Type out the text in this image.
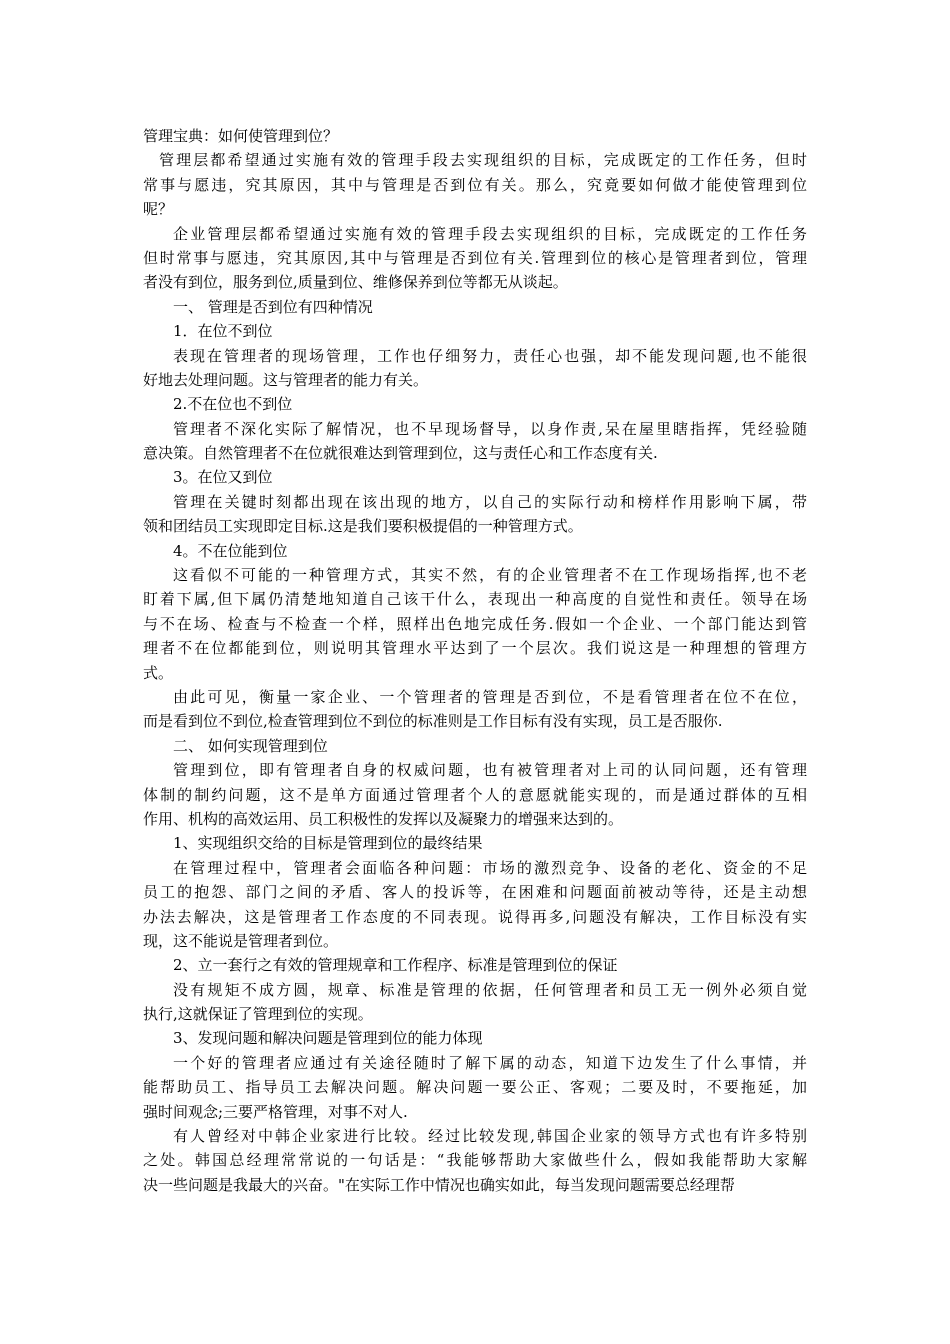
管理宝典：如何使管理到位？
管理层都希望通过实施有效的管理手段去实现组织的目标，完成既定的工作任务，但时
常事与愿违，究其原因，其中与管理是否到位有关。那么，究竟要如何做才能使管理到位
呢？
企业管理层都希望通过实施有效的管理手段去实现组织的目标，完成既定的工作任务
但时常事与愿违，究其原因,其中与管理是否到位有关.管理到位的核心是管理者到位，管理
者没有到位，服务到位,质量到位、维修保养到位等都无从谈起。
一、 管理是否到位有四种情况
1．在位不到位
表现在管理者的现场管理，工作也仔细努力，责任心也强，却不能发现问题,也不能很
好地去处理问题。这与管理者的能力有关。
2.不在位也不到位
管理者不深化实际了解情况，也不早现场督导，以身作责,呆在屋里瞎指挥，凭经验随
意决策。自然管理者不在位就很难达到管理到位，这与责任心和工作态度有关.
3。在位又到位
管理在关键时刻都出现在该出现的地方，以自己的实际行动和榜样作用影响下属，带
领和团结员工实现即定目标.这是我们要积极提倡的一种管理方式。
4。不在位能到位
这看似不可能的一种管理方式，其实不然，有的企业管理者不在工作现场指挥,也不老
盯着下属,但下属仍清楚地知道自己该干什么，表现出一种高度的自觉性和责任。领导在场
与不在场、检查与不检查一个样，照样出色地完成任务.假如一个企业、一个部门能达到管
理者不在位都能到位，则说明其管理水平达到了一个层次。我们说这是一种理想的管理方
式。
由此可见，衡量一家企业、一个管理者的管理是否到位，不是看管理者在位不在位，
而是看到位不到位,检查管理到位不到位的标准则是工作目标有没有实现，员工是否服你.
二、 如何实现管理到位
管理到位，即有管理者自身的权威问题，也有被管理者对上司的认同问题，还有管理
体制的制约问题，这不是单方面通过管理者个人的意愿就能实现的，而是通过群体的互相
作用、机构的高效运用、员工积极性的发挥以及凝聚力的增强来达到的。
1、实现组织交给的目标是管理到位的最终结果
在管理过程中，管理者会面临各种问题：市场的激烈竞争、设备的老化、资金的不足
员工的抱怨、部门之间的矛盾、客人的投诉等，在困难和问题面前被动等待，还是主动想
办法去解决，这是管理者工作态度的不同表现。说得再多,问题没有解决，工作目标没有实
现，这不能说是管理者到位。
2、立一套行之有效的管理规章和工作程序、标准是管理到位的保证
没有规矩不成方圆，规章、标准是管理的依据，任何管理者和员工无一例外必须自觉
执行,这就保证了管理到位的实现。
3、发现问题和解决问题是管理到位的能力体现
一个好的管理者应通过有关途径随时了解下属的动态，知道下边发生了什么事情，并
能帮助员工、指导员工去解决问题。解决问题一要公正、客观；二要及时，不要拖延，加
强时间观念;三要严格管理，对事不对人.
有人曾经对中韩企业家进行比较。经过比较发现,韩国企业家的领导方式也有许多特别
之处。韩国总经理常常说的一句话是：“我能够帮助大家做些什么，假如我能帮助大家解
决一些问题是我最大的兴奋。"在实际工作中情况也确实如此，每当发现问题需要总经理帮
